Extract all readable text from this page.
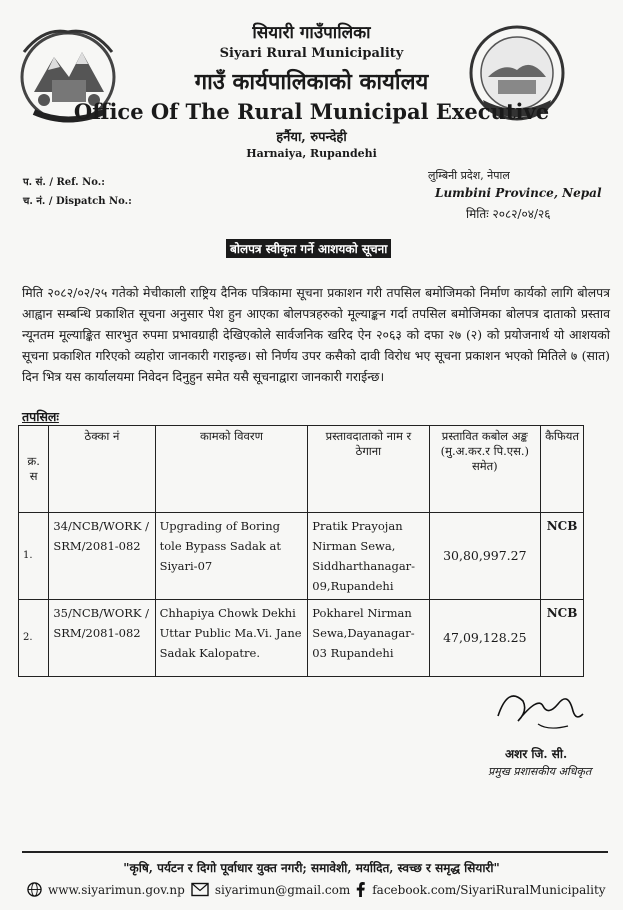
सियारी गाउँपालिका
Siyari Rural Municipality
गाउँ कार्यपालिकाको कार्यालय
Office Of The Rural Municipal Executive
हर्नैया, रुपन्देही
Harnaiya, Rupandehi
प. सं. / Ref. No.:
च. नं. / Dispatch No.:
लुम्बिनी प्रदेश, नेपाल
Lumbini Province, Nepal
मितिः २०८२/०४/२६
बोलपत्र स्वीकृत गर्ने आशयको सूचना
मिति २०८२/०२/२५ गतेको मेचीकाली राष्ट्रिय दैनिक पत्रिकामा सूचना प्रकाशन गरी तपसिल बमोजिमको निर्माण कार्यको लागि बोलपत्र आह्वान सम्बन्धि प्रकाशित सूचना अनुसार पेश हुन आएका बोलपत्रहरुको मूल्याङ्कन गर्दा तपसिल बमोजिमका बोलपत्र दाताको प्रस्ताव न्यूनतम मूल्याङ्कित सारभुत रुपमा प्रभावग्राही देखिएकोले सार्वजनिक खरिद ऐन २०६३ को दफा २७ (२) को प्रयोजनार्थ यो आशयको सूचना प्रकाशित गरिएको व्यहोरा जानकारी गराइन्छ। सो निर्णय उपर कसैको दावी विरोध भए सूचना प्रकाशन भएको मितिले ७ (सात) दिन भित्र यस कार्यालयमा निवेदन दिनुहुन समेत यसै सूचनाद्वारा जानकारी गराईन्छ।
तपसिलः
क्र. स	ठेक्का नं	कामको विवरण	प्रस्तावदाताको नाम र ठेगाना	प्रस्तावित कबोल अङ्क (मु.अ.कर.र पि.एस.) समेत)	कैफियत
1.	34/NCB/WORK / SRM/2081-082	Upgrading of Boring tole Bypass Sadak at Siyari-07	Pratik Prayojan Nirman Sewa, Siddharthanagar-09,Rupandehi	30,80,997.27	NCB
2.	35/NCB/WORK / SRM/2081-082	Chhapiya Chowk Dekhi Uttar Public Ma.Vi. Jane Sadak Kalopatre.	Pokharel Nirman Sewa,Dayanagar-03 Rupandehi	47,09,128.25	NCB
अशर जि. सी.
प्रमुख प्रशासकीय अधिकृत
"कृषि, पर्यटन र दिगो पूर्वाधार युक्त नगरी; समावेशी, मर्यादित, स्वच्छ र समृद्ध सियारी"
www.siyarimun.gov.np	siyarimun@gmail.com facebook.com/SiyariRuralMunicipality
